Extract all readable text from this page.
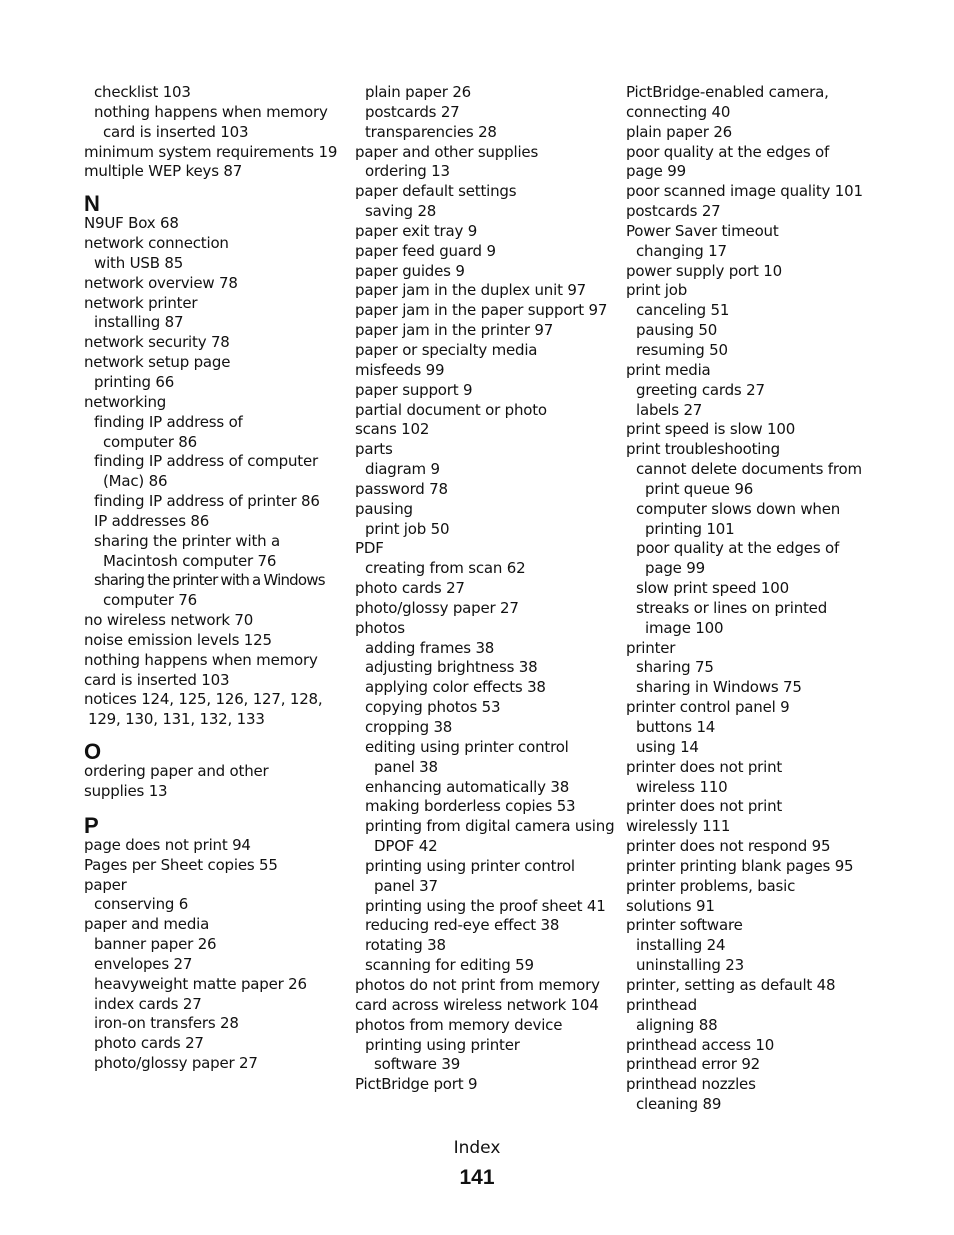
checklist 103
nothing happens when memory
card is inserted 103
minimum system requirements 19
multiple WEP keys 87
N
N9UF Box 68
network connection
with USB 85
network overview 78
network printer
installing 87
network security 78
network setup page
printing 66
networking
finding IP address of
computer 86
finding IP address of computer
(Mac) 86
finding IP address of printer 86
IP addresses 86
sharing the printer with a
Macintosh computer 76
sharing the printer with a Windows
computer 76
no wireless network 70
noise emission levels 125
nothing happens when memory
card is inserted 103
notices 124, 125, 126, 127, 128,
129, 130, 131, 132, 133
O
ordering paper and other
supplies 13
P
page does not print 94
Pages per Sheet copies 55
paper
conserving 6
paper and media
banner paper 26
envelopes 27
heavyweight matte paper 26
index cards 27
iron-on transfers 28
photo cards 27
photo/glossy paper 27
plain paper 26
postcards 27
transparencies 28
paper and other supplies
ordering 13
paper default settings
saving 28
paper exit tray 9
paper feed guard 9
paper guides 9
paper jam in the duplex unit 97
paper jam in the paper support 97
paper jam in the printer 97
paper or specialty media
misfeeds 99
paper support 9
partial document or photo
scans 102
parts
diagram 9
password 78
pausing
print job 50
PDF
creating from scan 62
photo cards 27
photo/glossy paper 27
photos
adding frames 38
adjusting brightness 38
applying color effects 38
copying photos 53
cropping 38
editing using printer control
panel 38
enhancing automatically 38
making borderless copies 53
printing from digital camera using
DPOF 42
printing using printer control
panel 37
printing using the proof sheet 41
reducing red-eye effect 38
rotating 38
scanning for editing 59
photos do not print from memory
card across wireless network 104
photos from memory device
printing using printer
software 39
PictBridge port 9
PictBridge-enabled camera,
connecting 40
plain paper 26
poor quality at the edges of
page 99
poor scanned image quality 101
postcards 27
Power Saver timeout
changing 17
power supply port 10
print job
canceling 51
pausing 50
resuming 50
print media
greeting cards 27
labels 27
print speed is slow 100
print troubleshooting
cannot delete documents from
print queue 96
computer slows down when
printing 101
poor quality at the edges of
page 99
slow print speed 100
streaks or lines on printed
image 100
printer
sharing 75
sharing in Windows 75
printer control panel 9
buttons 14
using 14
printer does not print
wireless 110
printer does not print
wirelessly 111
printer does not respond 95
printer printing blank pages 95
printer problems, basic
solutions 91
printer software
installing 24
uninstalling 23
printer, setting as default 48
printhead
aligning 88
printhead access 10
printhead error 92
printhead nozzles
cleaning 89
Index
141
